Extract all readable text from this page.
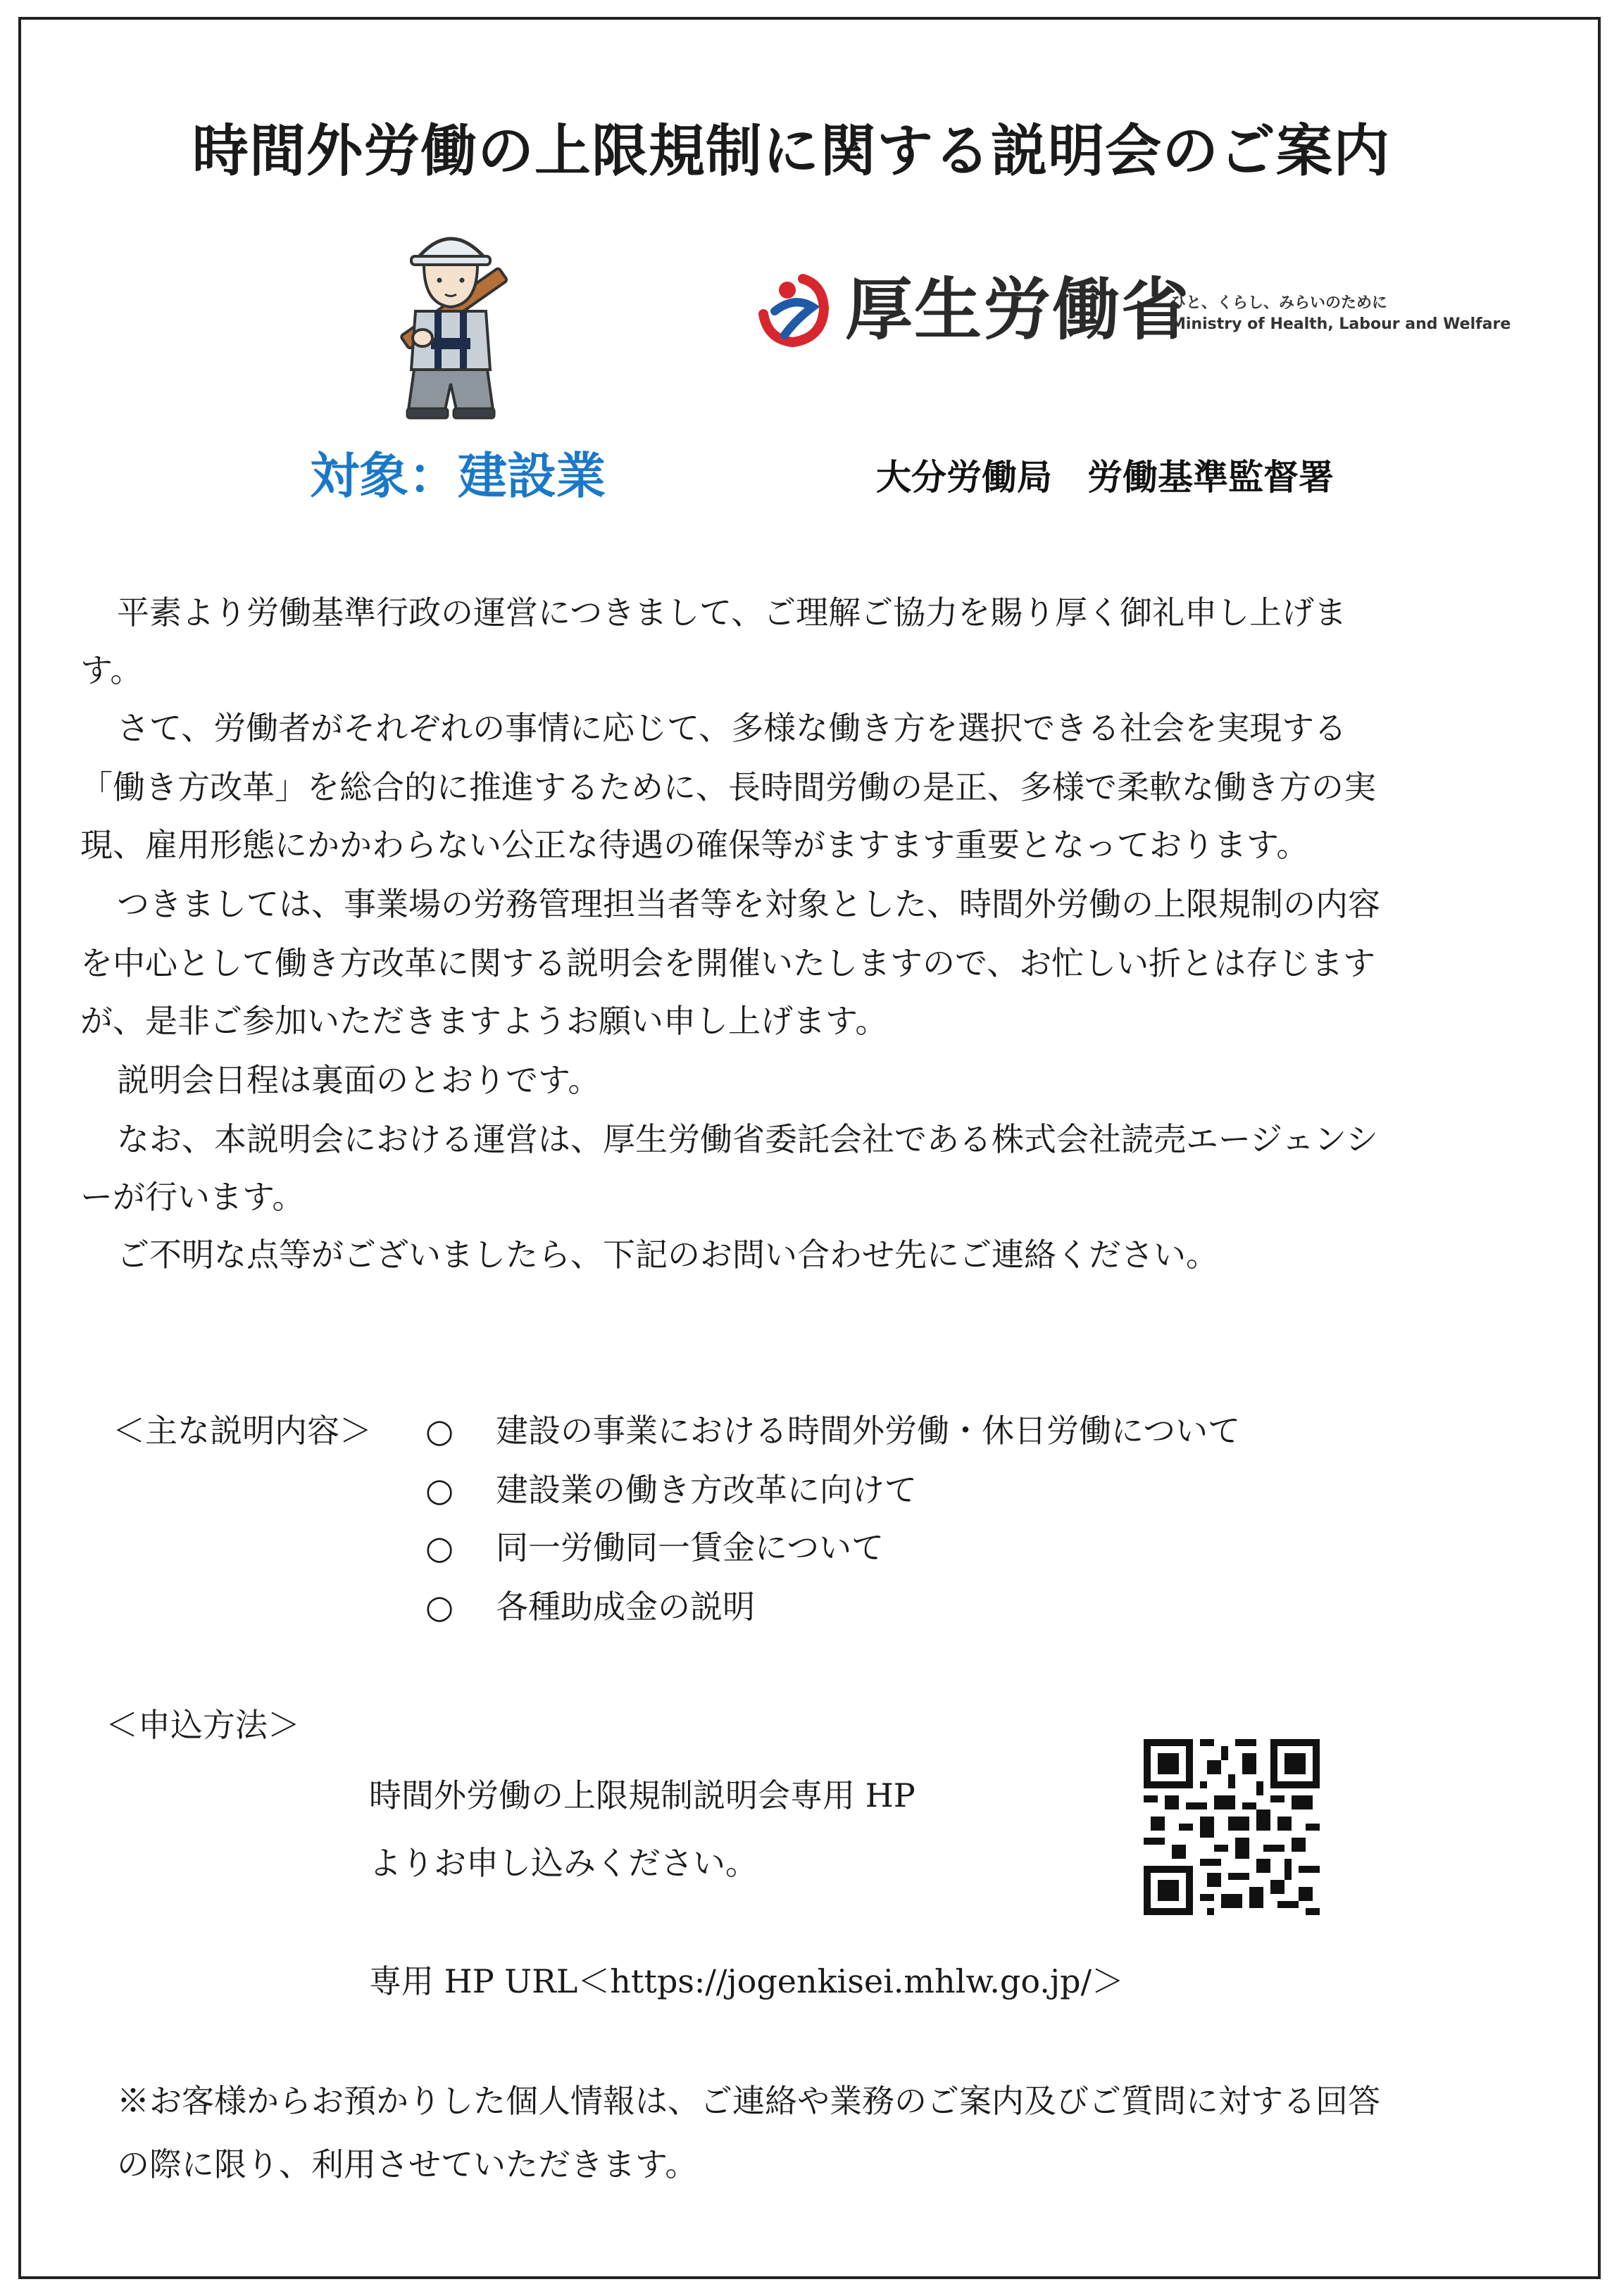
時間外労働の上限規制に関する説明会のご案内
厚生労働省
ひと、くらし、みらいのために
Ministry of Health, Labour and Welfare
対象：建設業	大分労働局　労働基準監督署
平素より労働基準行政の運営につきまして、ご理解ご協力を賜り厚く御礼申し上げま
す。
さて、労働者がそれぞれの事情に応じて、多様な働き方を選択できる社会を実現する
「働き方改革」を総合的に推進するために、長時間労働の是正、多様で柔軟な働き方の実
現、雇用形態にかかわらない公正な待遇の確保等がますます重要となっております。
つきましては、事業場の労務管理担当者等を対象とした、時間外労働の上限規制の内容
を中心として働き方改革に関する説明会を開催いたしますので、お忙しい折とは存じます
が、是非ご参加いただきますようお願い申し上げます。
説明会日程は裏面のとおりです。
なお、本説明会における運営は、厚生労働省委託会社である株式会社読売エージェンシ
ーが行います。
ご不明な点等がございましたら、下記のお問い合わせ先にご連絡ください。
＜主な説明内容＞ ○ 建設の事業における時間外労働・休日労働について
○ 建設業の働き方改革に向けて
○ 同一労働同一賃金について
○ 各種助成金の説明
＜申込方法＞
時間外労働の上限規制説明会専用 HP
よりお申し込みください。
専用 HP URL＜https://jogenkisei.mhlw.go.jp/＞
※お客様からお預かりした個人情報は、ご連絡や業務のご案内及びご質問に対する回答
の際に限り、利用させていただきます。
